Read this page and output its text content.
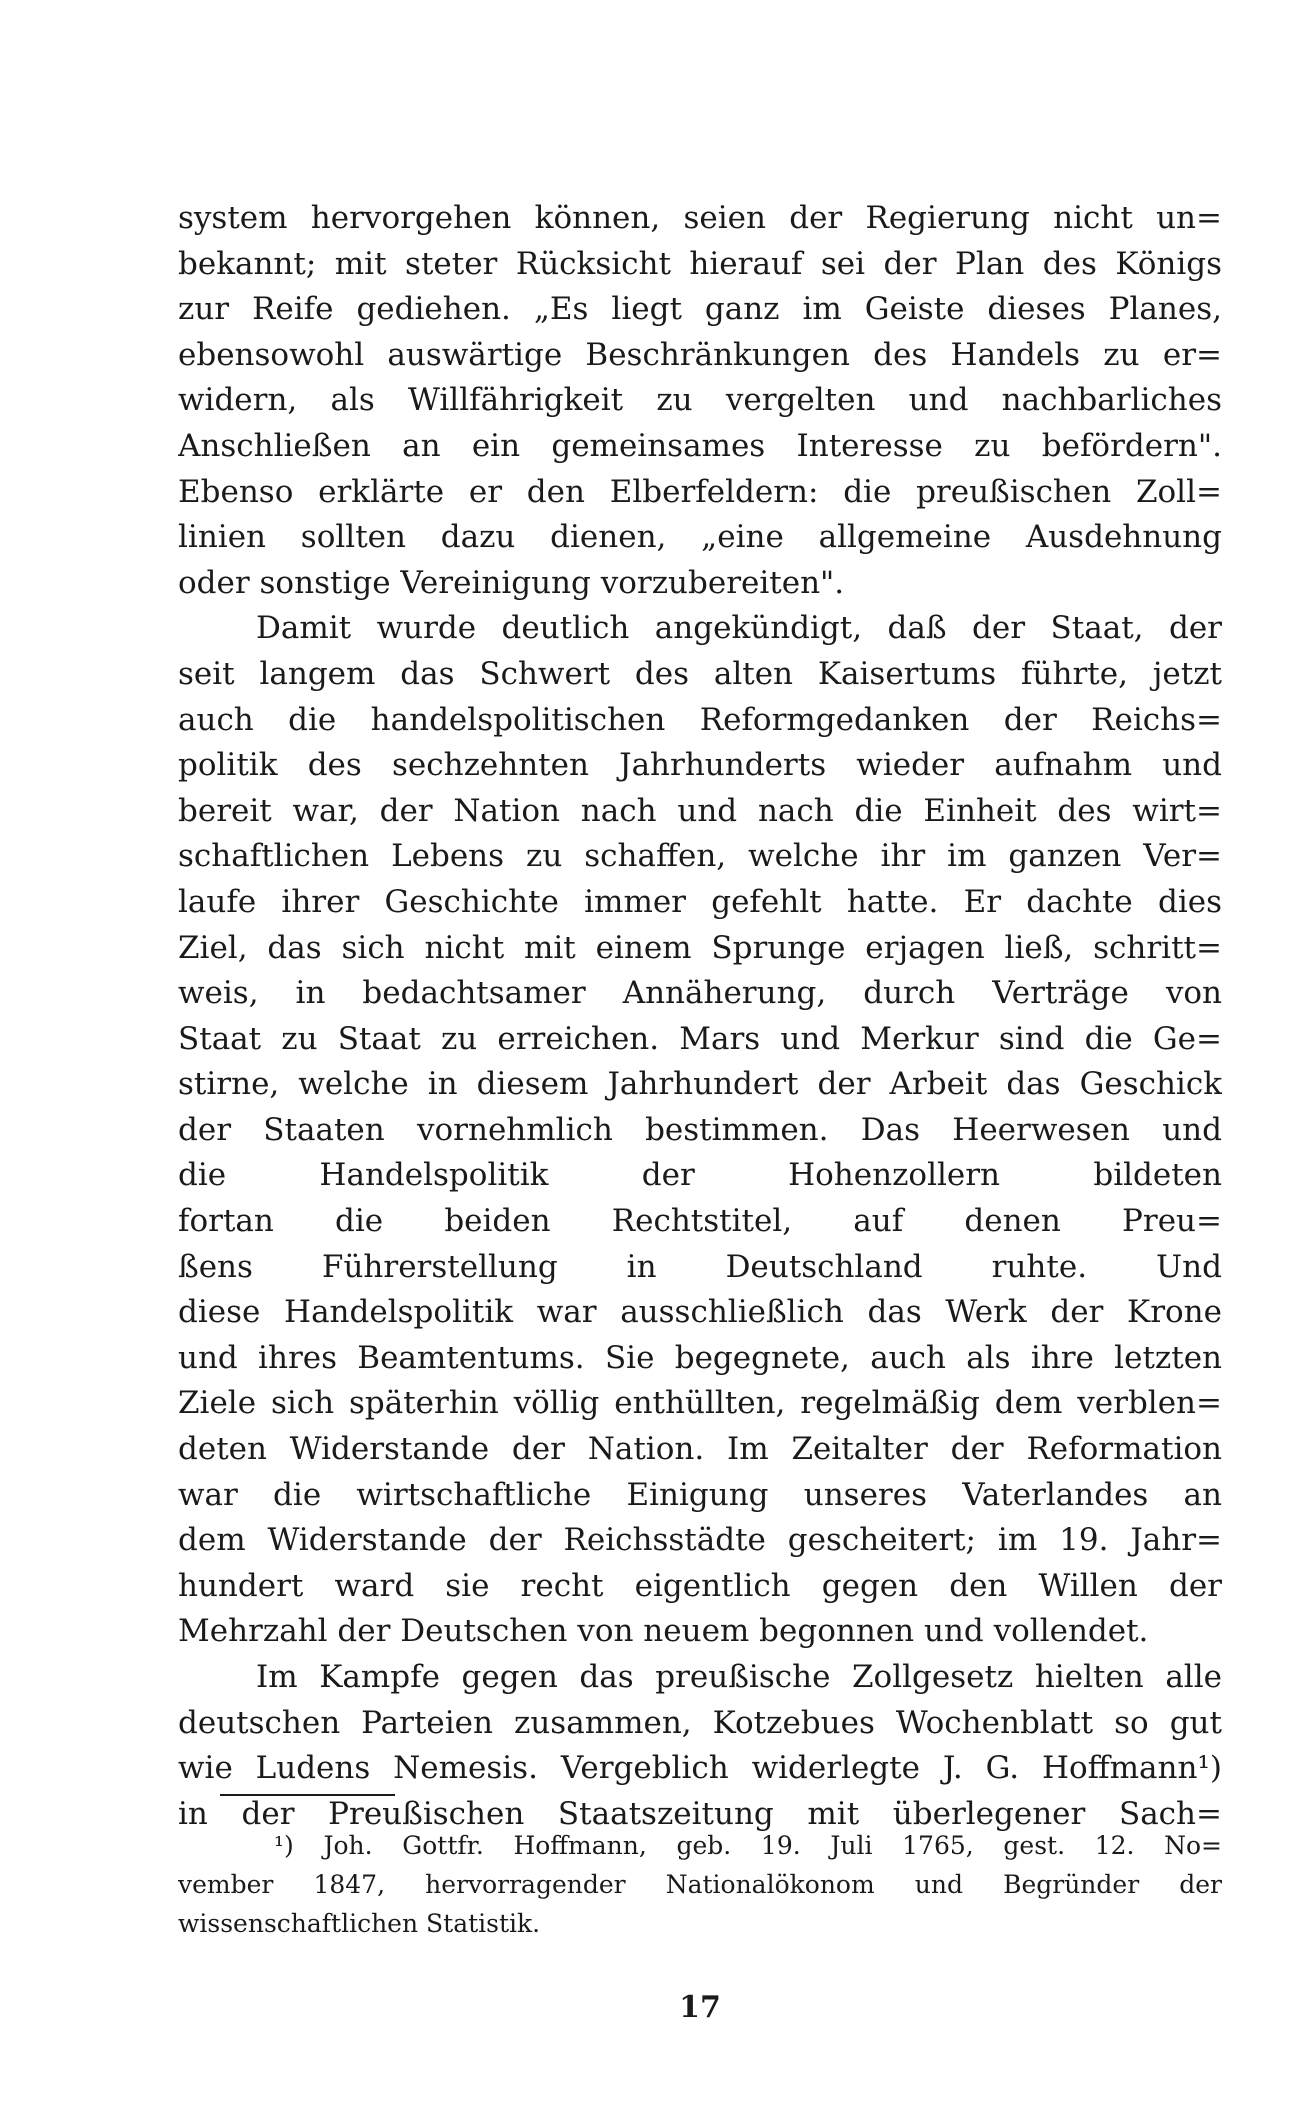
system hervorgehen können, seien der Regierung nicht un=
bekannt; mit steter Rücksicht hierauf sei der Plan des Königs
zur Reife gediehen. „Es liegt ganz im Geiste dieses Planes,
ebensowohl auswärtige Beschränkungen des Handels zu er=
widern, als Willfährigkeit zu vergelten und nachbarliches
Anschließen an ein gemeinsames Interesse zu befördern".
Ebenso erklärte er den Elberfeldern: die preußischen Zoll=
linien sollten dazu dienen, „eine allgemeine Ausdehnung
oder sonstige Vereinigung vorzubereiten".
Damit wurde deutlich angekündigt, daß der Staat, der
seit langem das Schwert des alten Kaisertums führte, jetzt
auch die handelspolitischen Reformgedanken der Reichs=
politik des sechzehnten Jahrhunderts wieder aufnahm und
bereit war, der Nation nach und nach die Einheit des wirt=
schaftlichen Lebens zu schaffen, welche ihr im ganzen Ver=
laufe ihrer Geschichte immer gefehlt hatte. Er dachte dies
Ziel, das sich nicht mit einem Sprunge erjagen ließ, schritt=
weis, in bedachtsamer Annäherung, durch Verträge von
Staat zu Staat zu erreichen. Mars und Merkur sind die Ge=
stirne, welche in diesem Jahrhundert der Arbeit das Geschick
der Staaten vornehmlich bestimmen. Das Heerwesen und
die Handelspolitik der Hohenzollern bildeten
fortan die beiden Rechtstitel, auf denen Preu=
ßens Führerstellung in Deutschland ruhte. Und
diese Handelspolitik war ausschließlich das Werk der Krone
und ihres Beamtentums. Sie begegnete, auch als ihre letzten
Ziele sich späterhin völlig enthüllten, regelmäßig dem verblen=
deten Widerstande der Nation. Im Zeitalter der Reformation
war die wirtschaftliche Einigung unseres Vaterlandes an
dem Widerstande der Reichsstädte gescheitert; im 19. Jahr=
hundert ward sie recht eigentlich gegen den Willen der
Mehrzahl der Deutschen von neuem begonnen und vollendet.
Im Kampfe gegen das preußische Zollgesetz hielten alle
deutschen Parteien zusammen, Kotzebues Wochenblatt so gut
wie Ludens Nemesis. Vergeblich widerlegte J. G. Hoffmann¹)
in der Preußischen Staatszeitung mit überlegener Sach=
¹) Joh. Gottfr. Hoffmann, geb. 19. Juli 1765, gest. 12. No=
vember 1847, hervorragender Nationalökonom und Begründer der
wissenschaftlichen Statistik.
17
